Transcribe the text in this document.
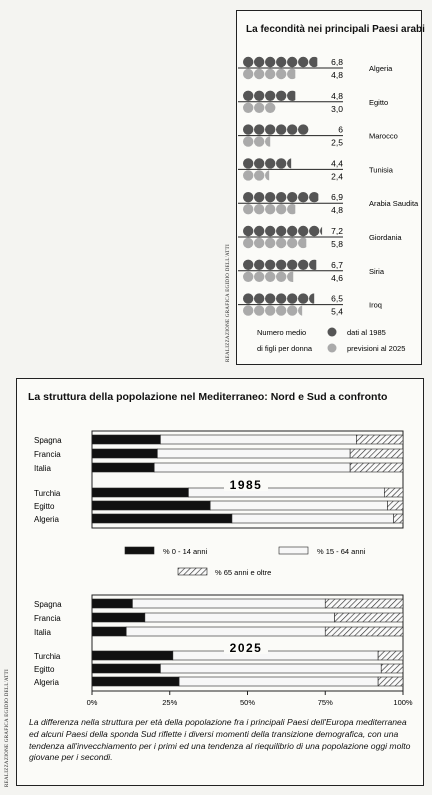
La fecondità nei principali Paesi arabi
6,8
4,8
Algeria
4,8
3,0
Egitto
6
2,5
Marocco
4,4
2,4
Tunisia
6,9
4,8
Arabia Saudita
7,2
5,8
Giordania
6,7
4,6
Siria
6,5
5,4
Iroq
Numero medio
di figli per donna
dati al 1985
previsioni al 2025
REALIZZAZIONE GRAFICA EGIDIO DELL'ATTI
La struttura della popolazione nel Mediterraneo: Nord e Sud a confronto
Spagna
Francia
Italia
Turchia
Egitto
Algeria
1985
Spagna
Francia
Italia
Turchia
Egitto
Algeria
2025
% 0 - 14 anni	% 15 - 64 anni
% 65 anni e oltre
0%	25%	50%	75%	100%
La differenza nella struttura per età della popolazione fra i principali Paesi dell'Europa mediterranea ed alcuni Paesi della sponda Sud riflette i diversi momenti della transizione demografica, con una tendenza all'invecchiamento per i primi ed una tendenza al riequilibrio di una popolazione oggi molto giovane per i secondi.
REALIZZAZIONE GRAFICA EGIDIO DELL'ATTI
